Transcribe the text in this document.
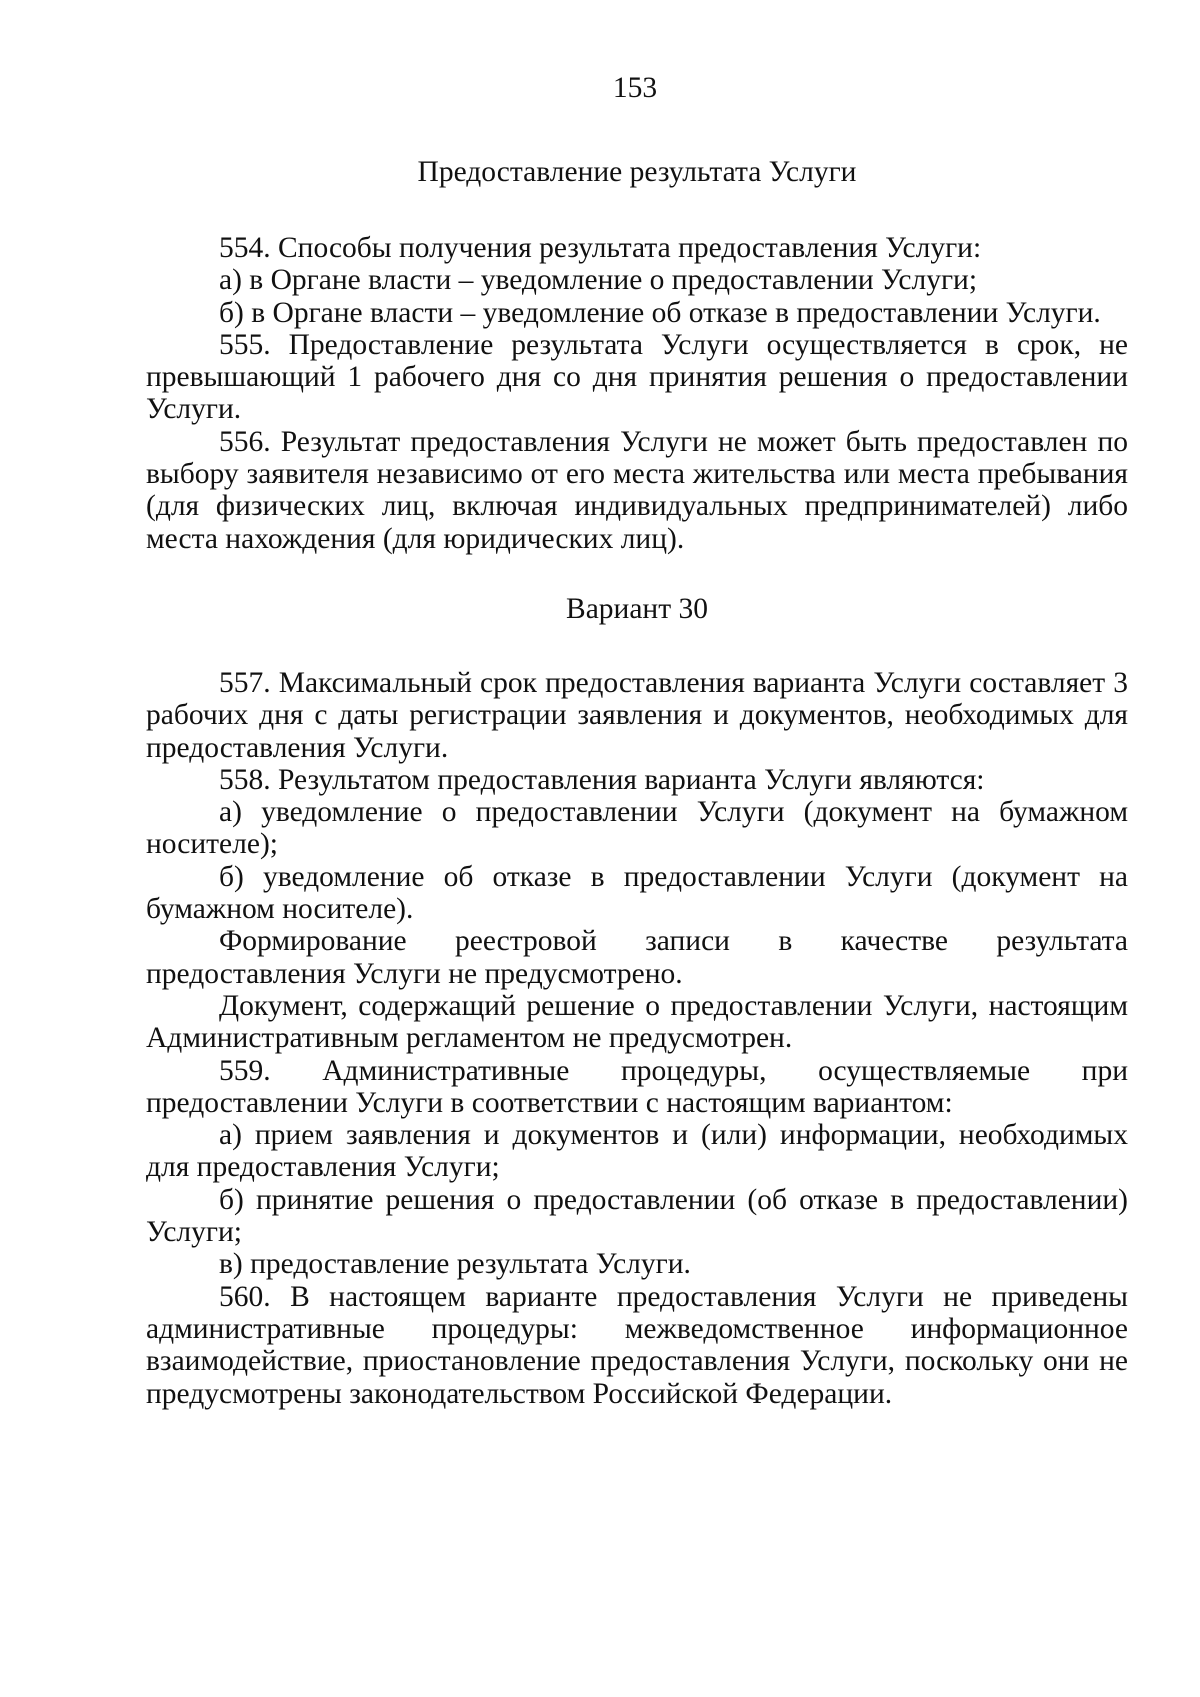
153
Предоставление результата Услуги

554. Способы получения результата предоставления Услуги:

а) в Органе власти – уведомление о предоставлении Услуги;

б) в Органе власти – уведомление об отказе в предоставлении Услуги.

555. Предоставление результата Услуги осуществляется в срок, не превышающий 1 рабочего дня со дня принятия решения о предоставлении Услуги.

556. Результат предоставления Услуги не может быть предоставлен по выбору заявителя независимо от его места жительства или места пребывания (для физических лиц, включая индивидуальных предпринимателей) либо места нахождения (для юридических лиц).

Вариант 30

557. Максимальный срок предоставления варианта Услуги составляет 3 рабочих дня с даты регистрации заявления и документов, необходимых для предоставления Услуги.

558. Результатом предоставления варианта Услуги являются:

а) уведомление о предоставлении Услуги (документ на бумажном носителе);

б) уведомление об отказе в предоставлении Услуги (документ на бумажном носителе).

Формирование реестровой записи в качестве результата предоставления Услуги не предусмотрено.

Документ, содержащий решение о предоставлении Услуги, настоящим Административным регламентом не предусмотрен.

559. Административные процедуры, осуществляемые при предоставлении Услуги в соответствии с настоящим вариантом:

а) прием заявления и документов и (или) информации, необходимых для предоставления Услуги;

б) принятие решения о предоставлении (об отказе в предоставлении) Услуги;

в) предоставление результата Услуги.

560. В настоящем варианте предоставления Услуги не приведены административные процедуры: межведомственное информационное взаимодействие, приостановление предоставления Услуги, поскольку они не предусмотрены законодательством Российской Федерации.
